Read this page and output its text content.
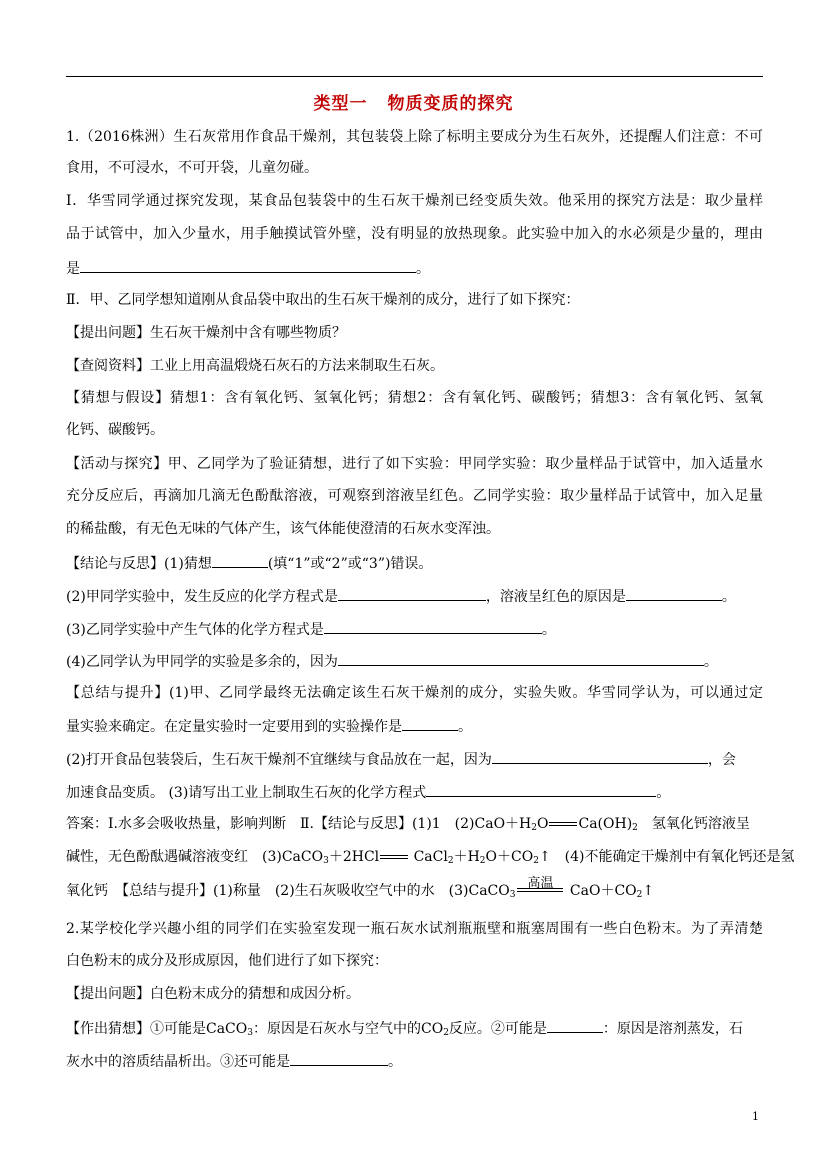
类型一 物质变质的探究
1.（2016株洲）生石灰常用作食品干燥剂，其包装袋上除了标明主要成分为生石灰外，还提醒人们注意：不可
食用，不可浸水，不可开袋，儿童勿碰。
Ⅰ．华雪同学通过探究发现，某食品包装袋中的生石灰干燥剂已经变质失效。他采用的探究方法是：取少量样
品于试管中，加入少量水，用手触摸试管外壁，没有明显的放热现象。此实验中加入的水必须是少量的，理由
是	。
Ⅱ．甲、乙同学想知道刚从食品袋中取出的生石灰干燥剂的成分，进行了如下探究：
【提出问题】生石灰干燥剂中含有哪些物质？
【查阅资料】工业上用高温煅烧石灰石的方法来制取生石灰。
【猜想与假设】猜想1：含有氧化钙、氢氧化钙；猜想2：含有氧化钙、碳酸钙；猜想3：含有氧化钙、氢氧
化钙、碳酸钙。
【活动与探究】甲、乙同学为了验证猜想，进行了如下实验：甲同学实验：取少量样品于试管中，加入适量水
充分反应后，再滴加几滴无色酚酞溶液，可观察到溶液呈红色。乙同学实验：取少量样品于试管中，加入足量
的稀盐酸，有无色无味的气体产生，该气体能使澄清的石灰水变浑浊。
【结论与反思】(1)猜想	(填“1”或“2”或“3”)错误。
(2)甲同学实验中，发生反应的化学方程式是	，溶液呈红色的原因是	。
(3)乙同学实验中产生气体的化学方程式是	。
(4)乙同学认为甲同学的实验是多余的，因为	。
【总结与提升】(1)甲、乙同学最终无法确定该生石灰干燥剂的成分，实验失败。华雪同学认为，可以通过定
量实验来确定。在定量实验时一定要用到的实验操作是	。
(2)打开食品包装袋后，生石灰干燥剂不宜继续与食品放在一起，因为	，会
加速食品变质。 (3)请写出工业上制取生石灰的化学方程式	。
答案：Ⅰ.水多会吸收热量，影响判断　Ⅱ.【结论与反思】(1)1　$(2)CaO+H_2O$ $Ca(OH)_2$　氢氧化钙溶液呈
碱性，无色酚酞遇碱溶液变红　(3)CaCO$_3$＋2HCl $CaCl_2+H_2O+CO_2↑$　(4)不能确定干燥剂中有氧化钙还是氢
氧化钙　【总结与提升】(1)称量　(2)生石灰吸收空气中的水　(3)CaCO$_3$
高温 $CaO+CO_2↑$
2.某学校化学兴趣小组的同学们在实验室发现一瓶石灰水试剂瓶瓶壁和瓶塞周围有一些白色粉末。为了弄清楚
白色粉末的成分及形成原因，他们进行了如下探究：
【提出问题】白色粉末成分的猜想和成因分析。
【作出猜想】①可能是CaCO$_3$：原因是石灰水与空气中的$CO_2$反应。②可能是	：原因是溶剂蒸发，石
灰水中的溶质结晶析出。③还可能是	。
1
